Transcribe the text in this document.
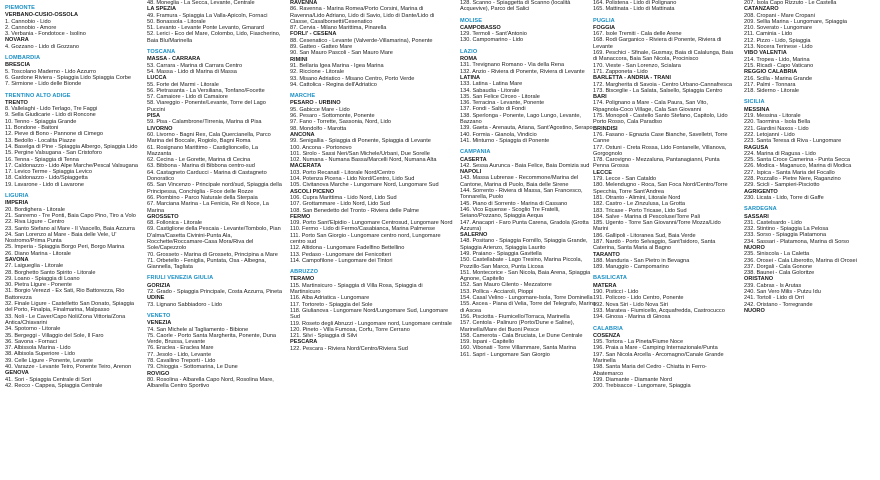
PIEMONTE
VERBANO-CUSIO-OSSOLA
1. Cannobio - Lido
2. Cannobio - Amore
3. Verbania - Fondotoce - Isolino
NOVARA
4. Gozzano - Lido di Gozzano
LOMBARDIA
BRESCIA
5. Toscolano Maderno - Lido Azzurro
6. Gardone Riviera - Spiaggia Lido Spiaggia Corbe
7. Sirmione - Lido delle Bionde
TRENTINO ALTO ADIGE
TRENTO
8. Vallelaghi - Lido Terlago, Tre Faggi
9. Sella Giudicarie - Lido di Roncone
10. Tenno - Spiaggia Grande
11. Bondone - Baitoni
12. Pieve di Bono - Pannone di Cimego
13. Bedollo - Localita Piazze
14. Baselga di Pine - Spiaggia Albergo, Spiaggia Lido
15. Pergine Valsugana - San Cristoforo
16. Tenna - Spiaggia di Tenna
17. Caldonazzo - Lido Alpe Marche/Pescal Valsugana
17. Levico Terme - Spiaggia Levico
18. Caldonazzo - Lido/Spiaggetta
19. Lavarone - Lido di Lavarone
LIGURIA
IMPERIA
20. Bordighera - Litorale
21. Sanremo - Tre Ponti, Baia Capo Pino, Tiro a Volo
22. Riva Ligure - Centro
23. Santo Stefano al Mare - Il Vascello, Baia Azzurra
24. San Lorenzo al Mare - Baia delle Vele, U' Nostromo/Prima Punta
25. Imperia - Spiaggia Borgo Peri, Borgo Marina
26. Diano Marina - Litorale
SAVONA
27. Laigueglia - Litorale
28. Borghetto Santo Spirito - Litorale
29. Loano - Spiaggia di Loano
30. Pietra Ligure - Ponente
31. Borgio Verezzi - Ex Sati, Rio Battorezza, Rio Battorezza
32. Finale Ligure - Castelletto San Donato, Spiaggia del Porto, Finalpia, Finalmarina, Malpasso
33. Noli - Le Caver/Capo Noli/Zona Vittoria/Zona Antica/Chiavarini
34. Spotorno - Litorale
35. Bergeggi - Villaggio del Sole, Il Faro
36. Savona - Fornaci
37. Albissola Marina - Lido
38. Albisola Superiore - Lido
39. Celle Ligure - Ponente, Levante
40. Varazze - Levante Teiro, Ponente Teiro, Arenon
GENOVA
41. Sori - Spiaggia Centrale di Sori
42. Recco - Cappea, Spiaggia Centrale
48. Moneglia - La Secca, Levante, Centrale
LA SPEZIA
49. Framura - Spiaggia La Valla-Apicoln, Fornaci
50. Bonassola - Litorale
51. Levanto - Levante Ponte Levanto, Gmarard
52. Lerici - Eco del Mare, Colombo, Lido, Fiascherino, Baia Blu/Marinella
TOSCANA
MASSA - CARRARA
53. Carrara - Marina di Carrara Centro
54. Massa - Lido di Marina di Massa
LUCCA
55. Forte dei Marmi - Litorale
56. Pietrasanta - La Versiliana, Tonfano/Focette
57. Camaiore - Lido di Camaiore
58. Viareggio - Ponente/Levante, Torre del Lago Puccini
PISA
59. Pisa - Calambrone/Tirrenia, Marina di Pisa
LIVORNO
60. Livorno - Bagni Rex, Cala Quercianella, Parco Marina del Boccale, Rogiolo, Bagni Roma
61. Rosignano Marittimo - Castiglioncello, La Mazzanta
62. Cecina - Le Gorette, Marina di Cecina
63. Bibbona - Marina di Bibbona centro-sud
64. Castagneto Carducci - Marina di Castagneto Donoratico
65. San Vincenzo - Principale nord/sud, Spiaggia della Principessa, Conchiglia - Foce delle Rozze
66. Piombino - Parco Naturale della Sterpaia
67. Marciana Marina - La Fenicia, Re di Noce, La Marina
GROSSETO
68. Follonica - Litorale
69. Castiglione della Pescaia - Levante/Tombolo, Pian D'alma/Casetta Civinini-Punta Ala, Rocchette/Roccamare-Casa Mora/Riva del Sole/Capezzolo
70. Grosseto - Marina di Grosseto, Principina a Mare
71. Orbetello - Feniglia, Puntata, Osa - Albegna, Giannella, Tagliata
FRIULI VENEZIA GIULIA
GORIZIA
72. Grado - Spiaggia Principale, Costa Azzurra, Pineta
UDINE
73. Lignano Sabbiadoro - Lido
VENETO
VENEZIA
74. San Michele al Tagliamento - Bibione
75. Caorle - Porto Santa Margherita, Ponente, Duna Verde, Brussa, Levante
76. Eraclea - Eraclea Mare
77. Jesolo - Lido, Levante
78. Cavallino Treporti - Lido
79. Chioggia - Sottomarina, Le Dune
ROVIGO
80. Rosolina - Albarella Capo Nord, Rosolina Mare, Albarella Centro Sportivo
RAVENNA
86. Ravenna - Marina Romea/Porto Corsini, Marina di Ravenna/Lido Adriano, Lido di Savio, Lido di Dante/Lido di Classe, Casalborsetti/Cesenatico
87. Cervia - Milano Marittima, Pinarella
FORLI' - CESENA
88. Cesenatico - Levante (Valverde-Villamarina), Ponente
89. Gatteo - Gatteo Mare
90. San Mauro Pascoli - San Mauro Mare
RIMINI
91. Bellaria Igea Marina - Igea Marina
92. Riccione - Litorale
93. Misano Adriatico - Misano Centro, Porto Verde
94. Cattolica - Regina dell'Adriatico
MARCHE
PESARO - URBINO
95. Gabicce Mare - Lido
96. Pesaro - Sottomonte, Ponente
97. Fano - Torrette, Sassonia, Nord, Lido
98. Mondolfo - Marotta
ANCONA
99. Senigallia - Spiaggia di Ponente, Spiaggia di Levante
100. Ancona - Portonovo
101. Sirolo - Sassi Neri/San Michele/Urbani, Due Sorelle
102. Numana - Numana Bassa/Marcelli Nord, Numana Alta
MACERATA
103. Porto Recanati - Litorale Nord/Centro
104. Potenza Picena - Lido Nord/Centro, Lido Sud
105. Civitanova Marche - Lungomare Nord, Lungomare Sud
ASCOLI PICENO
106. Cupra Marittima - Lido Nord, Lido Sud
107. Grottammare - Lido Nord, Lido Sud
108. San Benedetto del Tronto - Riviera delle Palme
FERMO
109. Porto Sant'Elpidio - Lungomare Centrosud, Lungomare Nord
110. Fermo - Lido di Fermo/Casabianca, Marina Palmense
111. Porto San Giorgio - Lungomare centro nord, Lungomare centro sud
112. Altidona - Lungomare Fadelfino Bettellino
113. Pedaso - Lungomare dei Fenicotteri
114. Campofilone - Lungomare dei Tintori
ABRUZZO
TERAMO
115. Martinsicuro - Spiaggia di Villa Rosa, Spiaggia di Martinsicuro
116. Alba Adriatica - Lungomare
117. Tortoreto - Spiaggia del Sole
118. Giulianova - Lungomare Nord/Lungomare Sud, Lungomare Sud
119. Roseto degli Abruzzi - Lungomare nord, Lungomare centrale
120. Pineto - Villa Fumosa, Corfu, Torre Cerrano
121. Silvi - Spiaggia di Silvi
PESCARA
122. Pescara - Riviera Nord/Centro/Riviera Sud
128. Scanno - Spiaggetta di Scanno (località Acquevive), Parco del Salici
MOLISE
CAMPOBASSO
129. Termoli - Sant'Antonio
130. Campomarino - Lido
LAZIO
ROMA
131. Trevignano Romano - Via della Rena
132. Anzio - Riviera di Ponente, Riviera di Levante
LATINA
133. Latina - Latina Mare
134. Sabaudia - Litorale
135. San Felice Circeo - Litorale
136. Terracina - Levante, Ponente
137. Fondi - Salto di Fondi
138. Sperlonga - Ponente, Lago Lungo, Levante, Bazzano
139. Gaeta - Arenauta, Ariana, Sant'Agostino, Serapo
140. Formia - Gianola, Vindicio
141. Minturno - Spiaggia di Ponente
CAMPANIA
CASERTA
142. Sessa Aurunca - Baia Felice, Baia Domizia sud
NAPOLI
143. Massa Lubrense - Recommone/Marina del Cantone, Marina di Puolo, Baia delle Sirene
144. Sorrento - Riviera di Massa, San Francesco, Tonnarella, Puolo
145. Piano di Sorrento - Marina di Cassano
146. Vico Equense - Scoglio Tre Fratelli, Seiano/Pozzano, Spiaggia Aequa
147. Anacapri - Faro Punta Carena, Gradola (Grotta Azzurra)
SALERNO
148. Positano - Spiaggia Fornillo, Spiaggia Grande, Spiaggia Arienzo, Spiaggia Laurito
149. Praiano - Spiaggia Gavitella
150. Castellabate - Lago Tresino, Marina Piccola, Pozzillo-San Marco, Punta Licosa
151. Montecorice - San Nicola, Baia Arena, Spiaggia Agnone, Capitello
152. San Mauro Cilento - Mezzatorre
153. Pollica - Acciaroli, Pioppi
154. Casal Velino - Lungomare-Isola, Torre Dominella
155. Ascea - Piana di Velia, Torre del Telegrafo, Marina di Ascea
156. Pisciotta - Fiumicello/Torraca, Marinella
157. Centola - Palinuro (Porto/Dune e Saline), Marinella/Mare dei Buoni Pesce
158. Camerota - Cala Bruciata, Le Dune Centrale
159. Ispani - Capitello
160. Vibonati - Torre Villammare, Santa Marina
161. Sapri - Lungomare San Giorgio
164. Polistena - Lido di Polignano
165. Mattinata - Lido di Mattinata
PUGLIA
FOGGIA
167. Isole Tremiti - Cala delle Arene
168. Rodi Garganico - Riviera di Ponente, Riviera di Levante
169. Peschici - Sfinale, Gusmay, Baia di Calalunga, Baia di Manaccora, Baia San Nicola, Procinisco
170. Vieste - San Lorenzo, Scialara
171. Zapponeta - Lido
BARLETTA - ANDRIA - TRANI
172. Margherita di Savoia - Centro Urbano-Cannafresca
173. Bisceglie - La Salata, Salsello, Spiaggia Centro
BARI
174. Polignano a Mare - Cala Paura, San Vito, Ripagnola-Coco Village, Cala San Giovanni
175. Monopoli - Castello Santo Stefano, Capitolo, Lido Porto Rosso, Cala Paradiso
BRINDISI
176. Fasano - Egnazia Case Bianche, Savelletri, Torre Canne
177. Ostuni - Creta Rossa, Lido Fontanelle, Villanova, Gorgognolo
178. Carovigno - Mezzaluna, Pantanagianni, Punta Penna Grossa
LECCE
179. Lecce - San Cataldo
180. Melendugno - Roca, San Foca Nord/Centro/Torre Specchia, Torre Sant'Andrea
181. Otranto - Alimini, Litorale Nord
182. Castro - Le Zinzulusa, La Grotta
183. Tricase - Porto Tricase, Lido Sud
184. Salve - Marina di Pescoluse/Torre Pali
185. Ugento - Torre San Giovanni/Torre Mozza/Lido Marini
186. Gallipoli - Litoranea Sud, Baia Verde
187. Nardò - Porto Selvaggio, Sant'Isidoro, Santa Caterina, Santa Maria al Bagno
TARANTO
188. Manduria - San Pietro in Bevagna
189. Maruggio - Campomarino
BASILICATA
MATERA
190. Pisticci - Lido
191. Policoro - Lido Centro, Ponente
192. Nova Siri - Lido Nova Siri
193. Maratea - Fiumicello, Acquafredda, Castrocucco
194. Ginosa - Marina di Ginosa
CALABRIA
COSENZA
195. Tortora - La Pineta/Fiume Noce
196. Praia a Mare - Camping Internazionale/Punta
197. San Nicola Arcella - Arcomagno/Canale Grande Marinella
198. Santa Maria del Cedro - Chiatta in Ferro-Abatemarco
199. Diamante - Diamante Nord
200. Trebisacce - Lungomare, Spiaggia
207. Isola Capo Rizzuto - Le Castella
CATANZARO
208. Cropani - Mare Cropani
209. Sellia Marina - Lungomare, Spiaggia
210. Soverato - Lungomare
211. Caminia - Lido
212. Pizzo - Lido, Spiaggia
213. Nocera Terinese - Lido
VIBO VALENTIA
214. Tropea - Lido, Marina
215. Ricadi - Capo Vaticano
REGGIO CALABRIA
216. Scilla - Marina Grande
217. Palmi - Tonnara
218. Siderno - Litorale
SICILIA
MESSINA
219. Messina - Litorale
220. Taormina - Isola Bella
221. Giardini Naxos - Lido
222. Letojanni - Lido
223. Santa Teresa di Riva - Lungomare
RAGUSA
224. Marina di Ragusa - Lido
225. Santa Croce Camerina - Punta Secca
226. Modica - Maganuco, Marina di Modica
227. Ispica - Santa Maria del Focallo
228. Pozzallo - Pietre Nere, Raganzino
229. Scicli - Sampieri-Pisciotto
AGRIGENTO
230. Licata - Lido, Torre di Gaffe
SARDEGNA
SASSARI
231. Castelsardo - Lido
232. Stintino - Spiaggia La Pelosa
233. Sorso - Spiaggia Platamona
234. Sassari - Platamona, Marina di Sorso
NUORO
235. Siniscola - La Caletta
236. Orosei - Cala Liberotto, Marina di Orosei
237. Dorgali - Cala Gonone
238. Baunei - Cala Goloritze
ORISTANO
239. Cabras - Is Arutas
240. San Vero Milis - Putzu Idu
241. Tortolì - Lido di Orrì
242. Oristano - Torregrande
NUORO
